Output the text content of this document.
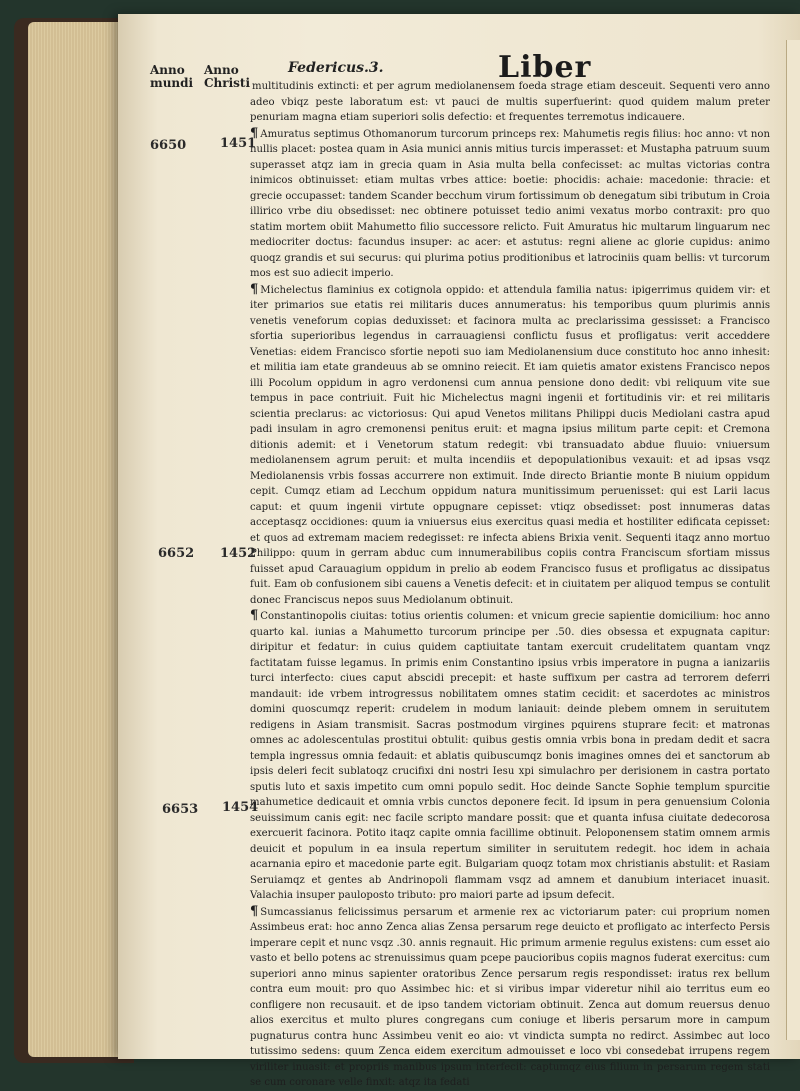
Anno mundi
Anno Christi
Federicus.3.	Liber
6650	1451
6652 1452
6653 1454

multitudinis extincti: et per agrum mediolanensem foeda strage etiam desceuit. Sequenti vero anno adeo vbiqz peste laboratum est: vt pauci de multis superfuerint: quod quidem malum preter penuriam magna etiam superiori solis defectio: et frequentes terremotus indicauere.

¶ Amuratus septimus Othomanorum turcorum princeps rex: Mahumetis regis filius: hoc anno: vt non nullis placet: postea quam in Asia munici annis mitius turcis imperasset: et Mustapha patruum suum superasset atqz iam in grecia quam in Asia multa bella confecisset: ac multas victorias contra inimicos obtinuisset: etiam multas vrbes attice: boetie: phocidis: achaie: macedonie: thracie: et grecie occupasset: tandem Scander becchum virum fortissimum ob denegatum sibi tributum in Croia illirico vrbe diu obsedisset: nec obtinere potuisset tedio animi vexatus morbo contraxit: pro quo statim mortem obiit Mahumetto filio successore relicto. Fuit Amuratus hic multarum linguarum nec mediocriter doctus: facundus insuper: ac acer: et astutus: regni aliene ac glorie cupidus: animo quoqz grandis et sui securus: qui plurima potius proditionibus et latrociniis quam bellis: vt turcorum mos est suo adiecit imperio.

¶ Michelectus flaminius ex cotignola oppido: et attendula familia natus: ipigerrimus quidem vir: et iter primarios sue etatis rei militaris duces annumeratus: his temporibus quum plurimis annis venetis veneforum copias deduxisset: et facinora multa ac preclarissima gessisset: a Francisco sfortia superioribus legendus in carrauagiensi conflictu fusus et profligatus: verit acceddere Venetias: eidem Francisco sfortie nepoti suo iam Mediolanensium duce constituto hoc anno inhesit: et militia iam etate grandeuus ab se omnino reiecit. Et iam quietis amator existens Francisco nepos illi Pocolum oppidum in agro verdonensi cum annua pensione dono dedit: vbi reliquum vite sue tempus in pace contriuit. Fuit hic Michelectus magni ingenii et fortitudinis vir: et rei militaris scientia preclarus: ac victoriosus: Qui apud Venetos militans Philippi ducis Mediolani castra apud padi insulam in agro cremonensi penitus eruit: et magna ipsius militum parte cepit: et Cremona ditionis ademit: et i Venetorum statum redegit: vbi transuadato abdue fluuio: vniuersum mediolanensem agrum peruit: et multa incendiis et depopulationibus vexauit: et ad ipsas vsqz Mediolanensis vrbis fossas accurrere non extimuit. Inde directo Briantie monte B niuium oppidum cepit. Cumqz etiam ad Lecchum oppidum natura munitissimum peruenisset: qui est Larii lacus caput: et quum ingenii virtute oppugnare cepisset: vtiqz obsedisset: post innumeras datas acceptasqz occidiones: quum ia vniuersus eius exercitus quasi media et hostiliter edificata cepisset: et quos ad extremam maciem redegisset: re infecta abiens Brixia venit. Sequenti itaqz anno mortuo Philippo: quum in gerram abduc cum innumerabilibus copiis contra Franciscum sfortiam missus fuisset apud Carauagium oppidum in prelio ab eodem Francisco fusus et profligatus ac dissipatus fuit. Eam ob confusionem sibi cauens a Venetis defecit: et in ciuitatem per aliquod tempus se contulit donec Franciscus nepos suus Mediolanum obtinuit.

¶ Constantinopolis ciuitas: totius orientis columen: et vnicum grecie sapientie domicilium: hoc anno quarto kal. iunias a Mahumetto turcorum principe per .50. dies obsessa et expugnata capitur: diripitur et fedatur: in cuius quidem captiuitate tantam exercuit crudelitatem quantam vnqz factitatam fuisse legamus. In primis enim Constantino ipsius vrbis imperatore in pugna a ianizariis turci interfecto: ciues caput abscidi precepit: et haste suffixum per castra ad terrorem deferri mandauit: ide vrbem introgressus nobilitatem omnes statim cecidit: et sacerdotes ac ministros domini quoscumqz reperit: crudelem in modum laniauit: deinde plebem omnem in seruitutem redigens in Asiam transmisit. Sacras postmodum virgines pquirens stuprare fecit: et matronas omnes ac adolescentulas prostitui obtulit: quibus gestis omnia vrbis bona in predam dedit et sacra templa ingressus omnia fedauit: et ablatis quibuscumqz bonis imagines omnes dei et sanctorum ab ipsis deleri fecit sublatoqz crucifixi dni nostri Iesu xpi simulachro per derisionem in castra portato sputis luto et saxis impetito cum omni populo sedit. Hoc deinde Sancte Sophie templum spurcitie mahumetice dedicauit et omnia vrbis cunctos deponere fecit. Id ipsum in pera genuensium Colonia seuissimum canis egit: nec facile scripto mandare possit: que et quanta infusa ciuitate dedecorosa exercuerit facinora. Potito itaqz capite omnia facillime obtinuit. Peloponensem statim omnem armis deuicit et populum in ea insula repertum similiter in seruitutem redegit. hoc idem in achaia acarnania epiro et macedonie parte egit. Bulgariam quoqz totam mox christianis abstulit: et Rasiam Seruiamqz et gentes ab Andrinopoli flammam vsqz ad amnem et danubium interiacet inuasit. Valachia insuper pauloposto tributo: pro maiori parte ad ipsum defecit.

¶ Sumcassianus felicissimus persarum et armenie rex ac victoriarum pater: cui proprium nomen Assimbeus erat: hoc anno Zenca alias Zensa persarum rege deuicto et profligato ac interfecto Persis imperare cepit et nunc vsqz .30. annis regnauit. Hic primum armenie regulus existens: cum esset aio vasto et bello potens ac strenuissimus quam pcepe paucioribus copiis magnos fuderat exercitus: cum superiori anno minus sapienter oratoribus Zence persarum regis respondisset: iratus rex bellum contra eum mouit: pro quo Assimbec hic: et si viribus impar videretur nihil aio territus eum eo confligere non recusauit. et de ipso tandem victoriam obtinuit. Zenca aut domum reuersus denuo alios exercitus et multo plures congregans cum coniuge et liberis persarum more in campum pugnaturus contra hunc Assimbeu venit eo aio: vt vindicta sumpta no redirct. Assimbec aut loco tutissimo sedens: quum Zenca eidem exercitum admouisset e loco vbi consedebat irrupens regem viriliter inuasit: et propriis manibus ipsum interfecit: captumqz eius filium in persarum regem stati se cum coronare velle finxit: atqz ita fedati
